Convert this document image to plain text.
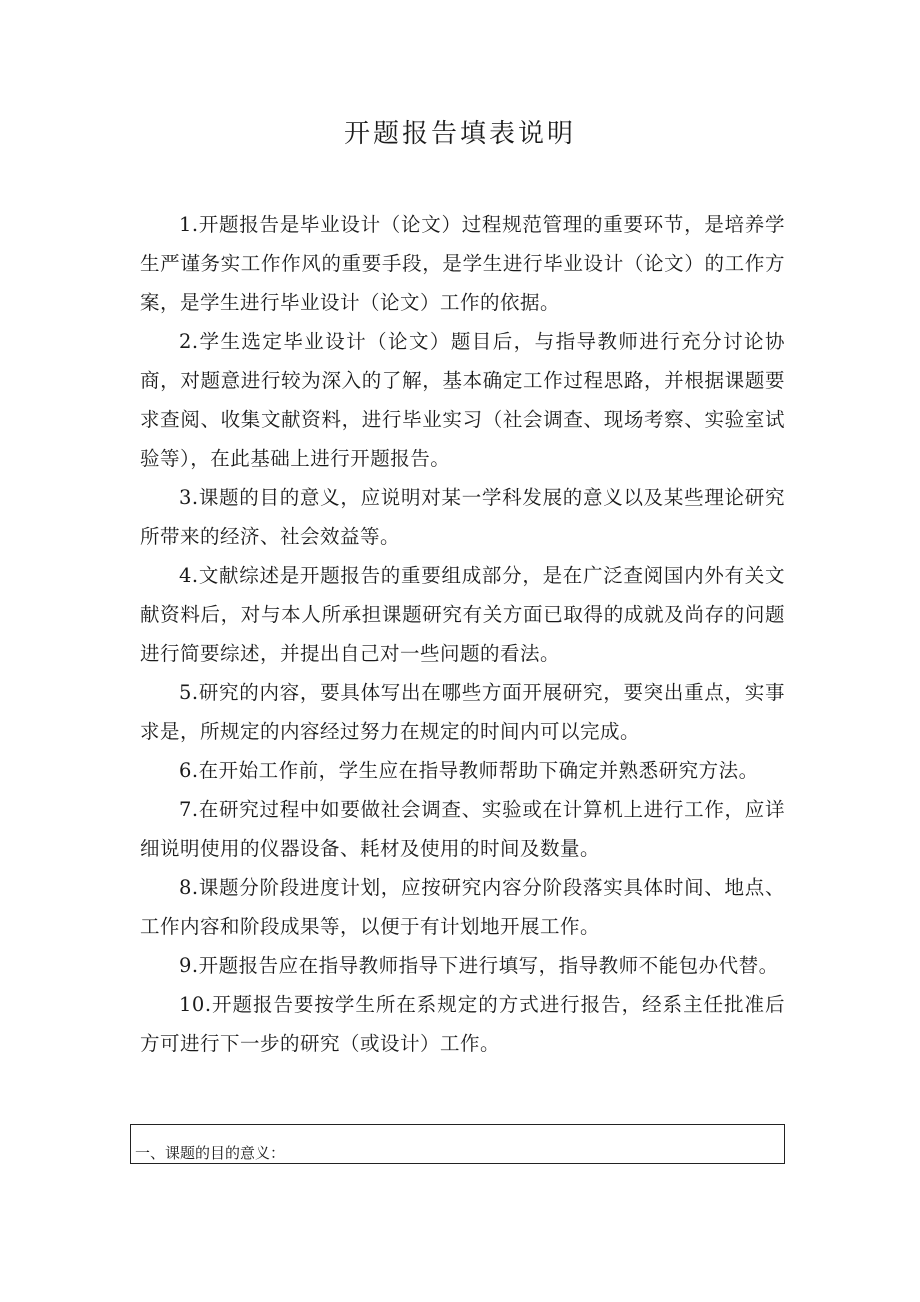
开题报告填表说明

1.开题报告是毕业设计（论文）过程规范管理的重要环节，是培养学生严谨务实工作作风的重要手段，是学生进行毕业设计（论文）的工作方案，是学生进行毕业设计（论文）工作的依据。

2.学生选定毕业设计（论文）题目后，与指导教师进行充分讨论协商，对题意进行较为深入的了解，基本确定工作过程思路，并根据课题要求查阅、收集文献资料，进行毕业实习（社会调查、现场考察、实验室试验等），在此基础上进行开题报告。

3.课题的目的意义，应说明对某一学科发展的意义以及某些理论研究所带来的经济、社会效益等。

4.文献综述是开题报告的重要组成部分，是在广泛查阅国内外有关文献资料后，对与本人所承担课题研究有关方面已取得的成就及尚存的问题进行简要综述，并提出自己对一些问题的看法。

5.研究的内容，要具体写出在哪些方面开展研究，要突出重点，实事求是，所规定的内容经过努力在规定的时间内可以完成。

6.在开始工作前，学生应在指导教师帮助下确定并熟悉研究方法。

7.在研究过程中如要做社会调查、实验或在计算机上进行工作，应详细说明使用的仪器设备、耗材及使用的时间及数量。

8.课题分阶段进度计划，应按研究内容分阶段落实具体时间、地点、工作内容和阶段成果等，以便于有计划地开展工作。

9.开题报告应在指导教师指导下进行填写，指导教师不能包办代替。

10.开题报告要按学生所在系规定的方式进行报告，经系主任批准后方可进行下一步的研究（或设计）工作。

一、课题的目的意义：
